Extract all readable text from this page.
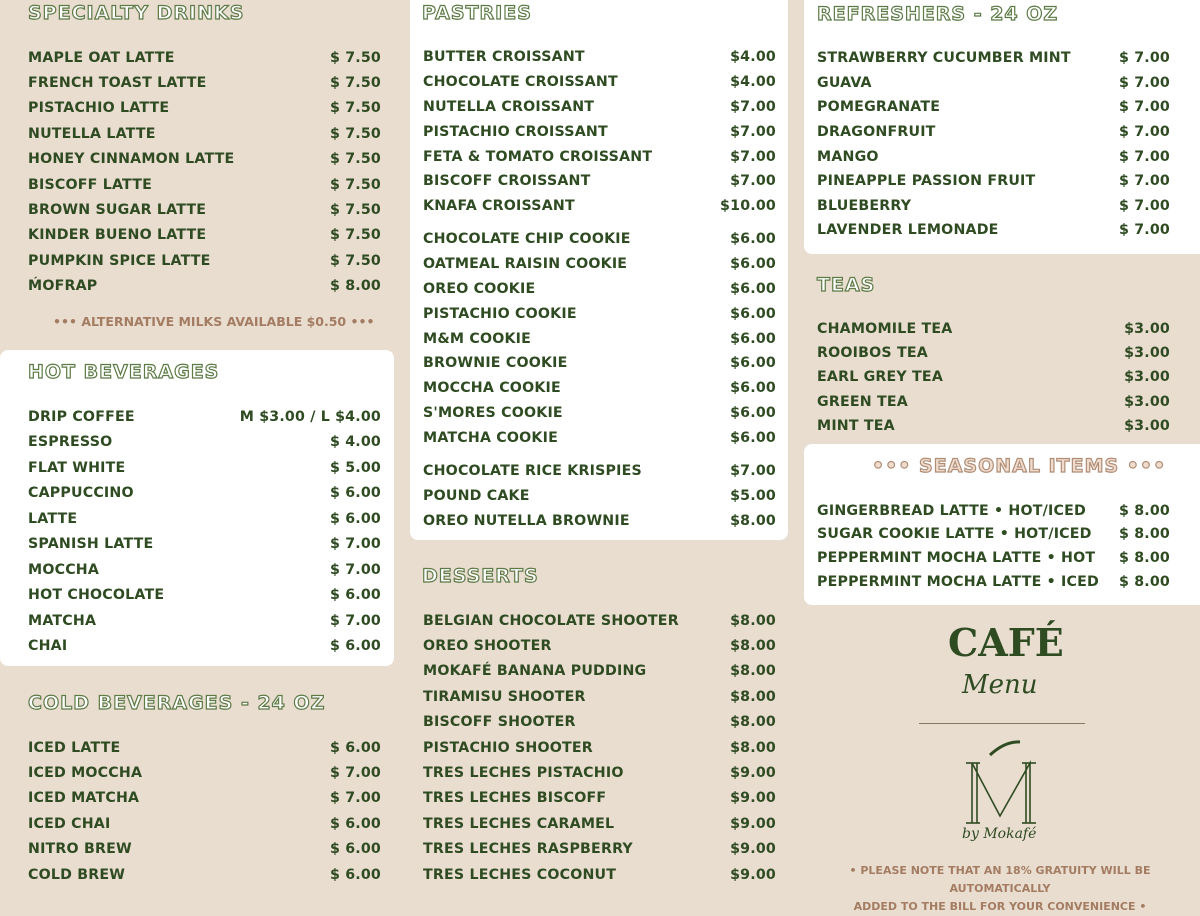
SPECIALTY DRINKS
MAPLE OAT LATTE	$ 7.50
FRENCH TOAST LATTE	$ 7.50
PISTACHIO LATTE	$ 7.50
NUTELLA LATTE	$ 7.50
HONEY CINNAMON LATTE	$ 7.50
BISCOFF LATTE	$ 7.50
BROWN SUGAR LATTE	$ 7.50
KINDER BUENO LATTE	$ 7.50
PUMPKIN SPICE LATTE	$ 7.50
ḾOFRAP	$ 8.00
••• ALTERNATIVE MILKS AVAILABLE $0.50 •••
HOT BEVERAGES
DRIP COFFEE	M $3.00 / L $4.00
ESPRESSO	$ 4.00
FLAT WHITE	$ 5.00
CAPPUCCINO	$ 6.00
LATTE	$ 6.00
SPANISH LATTE	$ 7.00
MOCCHA	$ 7.00
HOT CHOCOLATE	$ 6.00
MATCHA	$ 7.00
CHAI	$ 6.00
COLD BEVERAGES - 24 OZ
ICED LATTE	$ 6.00
ICED MOCCHA	$ 7.00
ICED MATCHA	$ 7.00
ICED CHAI	$ 6.00
NITRO BREW	$ 6.00
COLD BREW	$ 6.00
PASTRIES
BUTTER CROISSANT	$4.00
CHOCOLATE CROISSANT	$4.00
NUTELLA CROISSANT	$7.00
PISTACHIO CROISSANT	$7.00
FETA & TOMATO CROISSANT	$7.00
BISCOFF CROISSANT	$7.00
KNAFA CROISSANT	$10.00
CHOCOLATE CHIP COOKIE	$6.00
OATMEAL RAISIN COOKIE	$6.00
OREO COOKIE	$6.00
PISTACHIO COOKIE	$6.00
M&M COOKIE	$6.00
BROWNIE COOKIE	$6.00
MOCCHA COOKIE	$6.00
S'MORES COOKIE	$6.00
MATCHA COOKIE	$6.00
CHOCOLATE RICE KRISPIES	$7.00
POUND CAKE	$5.00
OREO NUTELLA BROWNIE	$8.00
DESSERTS
BELGIAN CHOCOLATE SHOOTER	$8.00
OREO SHOOTER	$8.00
MOKAFÉ BANANA PUDDING	$8.00
TIRAMISU SHOOTER	$8.00
BISCOFF SHOOTER	$8.00
PISTACHIO SHOOTER	$8.00
TRES LECHES PISTACHIO	$9.00
TRES LECHES BISCOFF	$9.00
TRES LECHES CARAMEL	$9.00
TRES LECHES RASPBERRY	$9.00
TRES LECHES COCONUT	$9.00
REFRESHERS - 24 OZ
STRAWBERRY CUCUMBER MINT	$ 7.00
GUAVA	$ 7.00
POMEGRANATE	$ 7.00
DRAGONFRUIT	$ 7.00
MANGO	$ 7.00
PINEAPPLE PASSION FRUIT	$ 7.00
BLUEBERRY	$ 7.00
LAVENDER LEMONADE	$ 7.00
TEAS
CHAMOMILE TEA	$3.00
ROOIBOS TEA	$3.00
EARL GREY TEA	$3.00
GREEN TEA	$3.00
MINT TEA	$3.00
••• SEASONAL ITEMS •••
GINGERBREAD LATTE • HOT/ICED $ 8.00
SUGAR COOKIE LATTE • HOT/ICED $ 8.00
PEPPERMINT MOCHA LATTE • HOT $ 8.00
PEPPERMINT MOCHA LATTE • ICED $ 8.00
CAFÉ
Menu
by Mokafé
• PLEASE NOTE THAT AN 18% GRATUITY WILL BE AUTOMATICALLY
ADDED TO THE BILL FOR YOUR CONVENIENCE •
